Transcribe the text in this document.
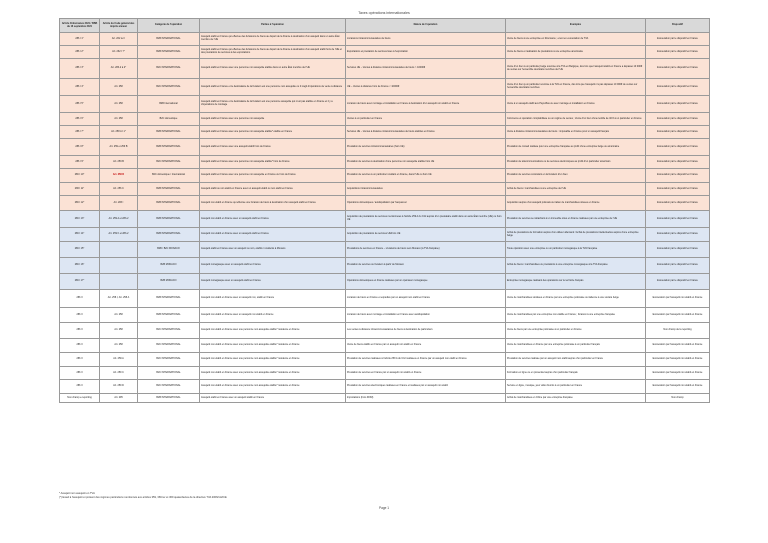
Taxes opérations internationales
Article Ordonnance 2021 / BBB du 16 septembre 2021	Article du Code général des impôts annexé	Catégorie de l'opération	Parties à l'opération	Nature de l'opération	Exemples	Dispositif
286 I 1°	Art. 262 ter I	B2B INTERNATIONAL	Assujetti établi en France qui effectue des livraisons de biens au départ de la France à destination d'un assujetti dans un autre État membre de l'UE	Livraisons intracommunautaires de biens	Vente de biens à une entreprise en Roumanie ; envoi en exonération de TVA	Exoneration par le dispositif en France
286 I 2°	Art. 262 I 7°	B2B INTERNATIONAL	Assujetti établi en France qui effectue des livraisons de biens au départ de la France à destination d'un assujetti établi hors de l'UE et des prestations de services à des exportations	Exportations et prestation de services liées à l'exportation	Vente de biens et réalisation de prestations à une entreprise américaine	Exoneration par le dispositif en France
286 I 3°	Art. 283-2 à 2°	B2C INTERNATIONAL	Assujetti établi en France avec une personne non assujettie établie dans un autre État membre de l'UE	Services UE – Ventes à distance intracommunautaires de biens > 10000€	Vente d'un bien à un particulier belge soumise à la TVA en Belgique, dès lors que l'assujetti établi en France a dépassé 10 000€ de ventes sur l'ensemble des États membres de l'UE	Exoneration par le dispositif en France
286 I 4°	Art. 258	B2C INTERNATIONAL	Assujetti établi en France et le destinataire de la livraison est une personne non assujettie ou il s'agit d'opérations de vente à distance	UE – Ventes à distance hors de France < 10000€	Vente d'un bien à un particulier soumise à la TVA en France, dès lors que l'assujetti n'a pas dépassé 10 000€ de ventes sur l'ensemble des États membres	Exoneration par le dispositif en France
286 I 5°	Art. 258	B2B International	Assujetti établi en France et le destinataire de la livraison est une personne assujettie qui n'est pas établie en France et il y a d'opérations de montage	Livraison de biens avec montage et installation en France à destination d'un assujetti non établi en France	Vente à un assujetti établi aux Pays-Bas ou avec montage et installation en France	Exoneration par le dispositif en France
286 I 6°	Art. 258	B2C domestique	Assujetti établi en France avec une personne non assujettie	Ventes à un particulier en France	Commerce et opération comptabilisée ou un régime de ventes ; Vente d'un bien d'une lentille de 40 € à un particulier en France	Exoneration par le dispositif en France
286 I 7°	Art. 258 A I 1°	B2B INTERNATIONAL	Assujetti établi en France avec une personne non assujettie établie* établie en France	Services UE – Ventes à distance intracommunautaires de biens établies en France	Vente à distance intracommunautaires de biens : imposable en France pour un assujetti français	Exoneration par le dispositif en France
286 I 8°	Art. 259 et 259 B	B2B INTERNATIONAL	Assujetti établi en France avec une assujetti établi hors de France	Prestation de services intracommunautaires (hors UE)	Prestation de conseil réalisée pour une entreprise française au profit d'une entreprise belge ou américaine	Exoneration par le dispositif en France
286 I 9°	Art. 259 B	B2C INTERNATIONAL	Assujetti établi en France avec une personne non assujettie établie* hors de France	Prestation de services à destination d'une personne non assujettie établie hors UE	Prestation de télécommunications ou de services électroniques au profit d'un particulier américain	Exoneration par le dispositif en France
286 I 10°	Art. 258 D	B2C domestique / International	Assujetti établi en France avec une personne non assujettie en France ou hors de France	Prestation de services à un particulier résidant en France, dans l'UE ou hors UE	Prestation de services consistant en la livraison d'un bien	Exoneration par le dispositif en France
286 I 11°	Art. 256 C	B2B INTERNATIONAL	Assujetti établi ou non établi en France avec un assujetti établi ou non établi en France	Acquisitions intracommunautaires	Achat de biens / marchandises à une entreprise de l'UE	Exoneration par le dispositif en France
286 I 12°	Art. 283 I	B2B INTERNATIONAL	Assujetti non établi en France qui effectue une livraison de biens à destination d'un assujetti établi en France	Opérations domestiques / autoliquidation par l'acquéreur	Acquisition auprès d'un assujetti polonais ou italien de marchandises situées en France	Exoneration par le dispositif en France
286 I 13°	Art. 259 A et 283-2	B2B INTERNATIONAL	Assujetti non établi en France avec un assujetti établi en France	Acquisition de prestations de services mentionnées à l'article 259 A du CGI auprès d'un prestataire établi dans un autre État membre (UE) ou hors UE	Prestation de services se rattachant à un immeuble situé en France réalisées par une entreprise de l'UE	Exoneration par le dispositif en France
286 I 14°	Art. 259 F et 283-2	B2B INTERNATIONAL	Assujetti non établi en France avec un assujetti établi en France	Acquisition de prestations de services UE/hors UE	Achat de prestations de formation auprès d'un éditeur allemand / Achat de prestations intellectuelles auprès d'une entreprise belge	Exoneration par le dispositif en France
286 I 15°		B2B / B2C MONACO	Assujetti établi en France avec un assujetti ou non, établis / résidents à Monaco	Prestations de services en France – Livraisons de biens vers Monaco (à TVA française)	Toute opération avec une entreprise ou un particulier monégasque à la TVA française	Exoneration par le dispositif en France
286 I 16°		B2B MONACO	Assujetti monégasque avec un assujetti établi en France	Prestation de services ou livraison à partir de Monaco	Achat de biens / marchandises ou prestations à une entreprise monégasque à la TVA française	Exoneration par le dispositif en France
286 I 17°		B2B MONACO	Assujetti monégasque avec un assujetti établi en France	Opérations domestiques en France réalisées par un opérateur monégasque	Entreprise monégasque réalisant des opérations sur le territoire français	Exoneration par le dispositif en France
286 II	Art. 258 I, Art. 258 A	B2B INTERNATIONAL	Assujetti non établi en France avec un assujetti non, établi en France	Livraison de biens en France et expédiés par un assujetti non établi en France	Vente de marchandises stockées en France par une entreprise polonaise ou italienne à une société belge	Exoneration par l'assujetti non établi en France
286 II	Art. 258	B2B INTERNATIONAL	Assujetti non établi en France avec un assujetti non établi en France	Livraison de biens avec montage et installation en France avec autoliquidation	Vente de marchandises par une entreprise non établie en France ; livraison à une entreprise française	Exoneration par l'assujetti non établi en France
286 II	Art. 258	B2C INTERNATIONAL	Assujetti non établi en France avec une personne non assujettie établie* résidente en France	Les ventes à distance intracommunautaires de biens à destination de particuliers	Vente de biens par une entreprise polonaise à un particulier en France	Non champ de la reporting
286 II	Art. 258	B2C INTERNATIONAL	Assujetti non établi en France avec une personne non assujettie établie* résidente en France	Vente de biens établis en France par un assujetti non établi en France	Vente de marchandises en France par une entreprise polonaise à un particulier français	Exoneration par l'assujetti non établi en France
286 II	Art. 259 A	B2C INTERNATIONAL	Assujetti non établi en France avec une personne non assujettie établie* résidente en France	Prestation de services réalisées à l'article 259 A du CGI réalisées en France par un assujetti non établi en France	Prestation de services réalisée par un assujetti non établi auprès d'un particulier en France	Exoneration par l'assujetti non établi en France
286 II	Art. 259 C	B2C INTERNATIONAL	Assujetti non établi en France avec une personne non assujettie établie* résidente en France	Prestation de services en France par un assujetti non établi en France	Formation en ligne ou en présentiel auprès d'un particulier français	Exoneration par l'assujetti non établi en France
286 II	Art. 259 D	B2C INTERNATIONAL	Assujetti non établi en France avec une personne non assujettie établie* résidente en France	Prestation de services électroniques réalisées en France et réalisées par un assujetti non établi	Service en ligne, musique, jeux vidéo fournis à un particulier en France	Exoneration par l'assujetti non établi en France
Non champ e-reporting	Art. 295	B2B INTERNATIONAL	Assujetti établi en France avec un assujetti établi en France	Importations (hors DOM)	Achat de marchandises en Chine par une entreprise française	Non champ
* Assujetti non assujetti en TVA
(*) Exauf à l'assujetti et présent des régimes particuliers mentionnés aux articles 359, 369 ter et 369 quaterdecies de la directive TVA 2006/112/CE
Page 1
